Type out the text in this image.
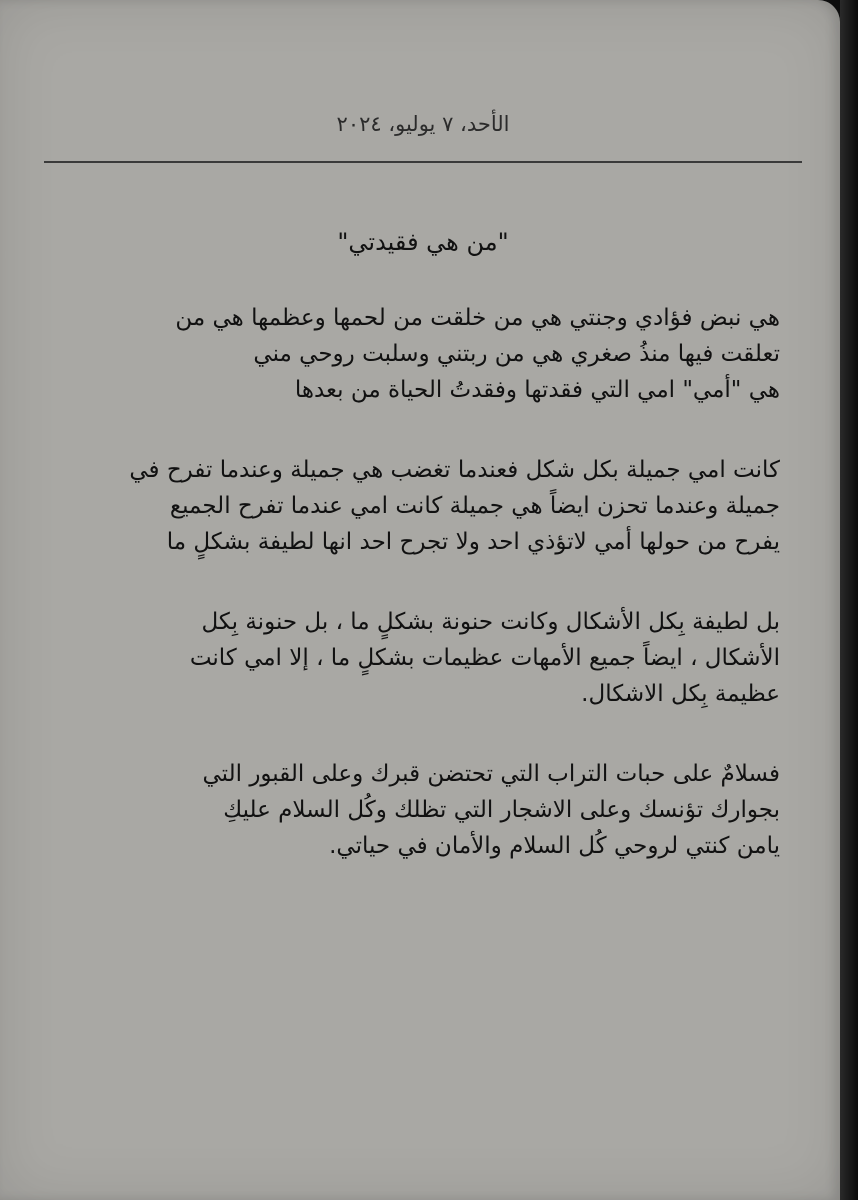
الأحد، ٧ يوليو، ٢٠٢٤
"من هي فقيدتي"

هي نبض فؤادي وجنتي هي من خلقت من لحمها وعظمها هي من
تعلقت فيها منذُ صغري هي من ربتني وسلبت روحي مني
هي "أمي" امي التي فقدتها وفقدتُ الحياة من بعدها

كانت امي جميلة بكل شكل فعندما تغضب هي جميلة وعندما تفرح في
جميلة وعندما تحزن ايضاً هي جميلة كانت امي عندما تفرح الجميع
يفرح من حولها أمي لاتؤذي احد ولا تجرح احد انها لطيفة بشكلٍ ما

بل لطيفة بِكل الأشكال وكانت حنونة بشكلٍ ما ، بل حنونة بِكل
الأشكال ، ايضاً جميع الأمهات عظيمات بشكلٍ ما ، إلا امي كانت
عظيمة بِكل الاشكال.

فسلامٌ على حبات التراب التي تحتضن قبرك وعلى القبور التي
بجوارك تؤنسك وعلى الاشجار التي تظلك وكُل السلام عليكِ
يامن كنتي لروحي كُل السلام والأمان في حياتي.
